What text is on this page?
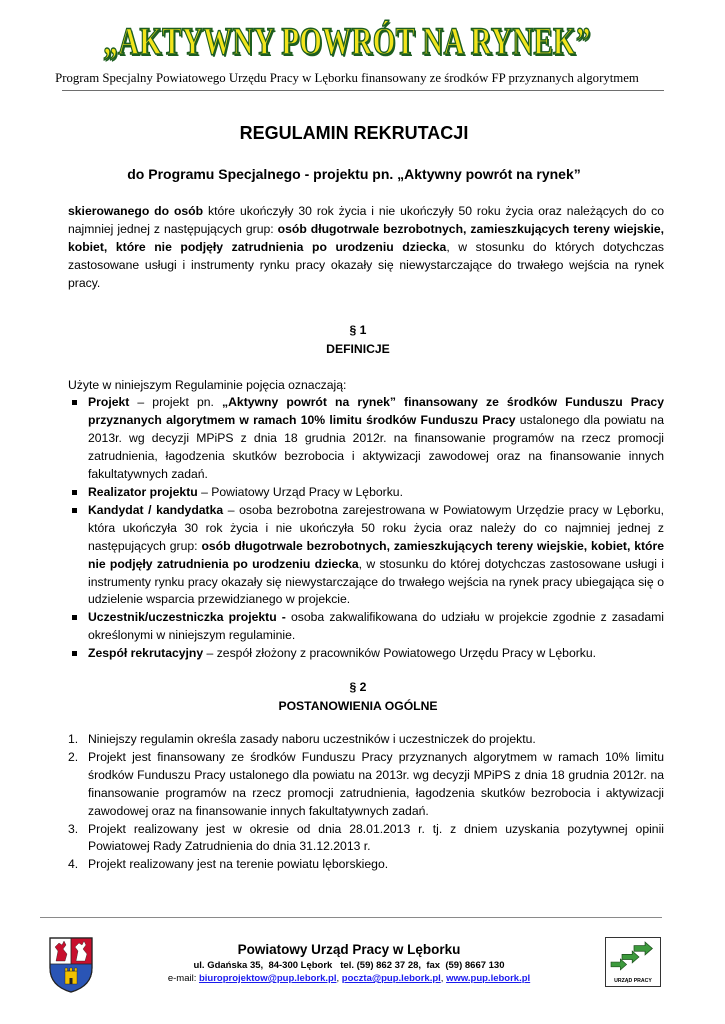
„AKTYWNY POWRÓT NA RYNEK”
Program Specjalny Powiatowego Urzędu Pracy w Lęborku finansowany ze środków FP przyznanych algorytmem
REGULAMIN REKRUTACJI
do Programu Specjalnego - projektu pn. „Aktywny powrót na rynek”

skierowanego do osób które ukończyły 30 rok życia i nie ukończyły 50 roku życia oraz należących do co najmniej jednej z następujących grup: osób długotrwale bezrobotnych, zamieszkujących tereny wiejskie, kobiet, które nie podjęły zatrudnienia po urodzeniu dziecka, w stosunku do których dotychczas zastosowane usługi i instrumenty rynku pracy okazały się niewystarczające do trwałego wejścia na rynek pracy.

§ 1
DEFINICJE

Użyte w niniejszym Regulaminie pojęcia oznaczają:

Projekt – projekt pn. „Aktywny powrót na rynek” finansowany ze środków Funduszu Pracy przyznanych algorytmem w ramach 10% limitu środków Funduszu Pracy ustalonego dla powiatu na 2013r. wg decyzji MPiPS z dnia 18 grudnia 2012r. na finansowanie programów na rzecz promocji zatrudnienia, łagodzenia skutków bezrobocia i aktywizacji zawodowej oraz na finansowanie innych fakultatywnych zadań.
Realizator projektu – Powiatowy Urząd Pracy w Lęborku.
Kandydat / kandydatka – osoba bezrobotna zarejestrowana w Powiatowym Urzędzie pracy w Lęborku, która ukończyła 30 rok życia i nie ukończyła 50 roku życia oraz należy do co najmniej jednej z następujących grup: osób długotrwale bezrobotnych, zamieszkujących tereny wiejskie, kobiet, które nie podjęły zatrudnienia po urodzeniu dziecka, w stosunku do której dotychczas zastosowane usługi i instrumenty rynku pracy okazały się niewystarczające do trwałego wejścia na rynek pracy ubiegająca się o udzielenie wsparcia przewidzianego w projekcie.
Uczestnik/uczestniczka projektu - osoba zakwalifikowana do udziału w projekcie zgodnie z zasadami określonymi w niniejszym regulaminie.
Zespół rekrutacyjny – zespół złożony z pracowników Powiatowego Urzędu Pracy w Lęborku.
§ 2
POSTANOWIENIA OGÓLNE
1. Niniejszy regulamin określa zasady naboru uczestników i uczestniczek do projektu.
2. Projekt jest finansowany ze środków Funduszu Pracy przyznanych algorytmem w ramach 10% limitu środków Funduszu Pracy ustalonego dla powiatu na 2013r. wg decyzji MPiPS z dnia 18 grudnia 2012r. na finansowanie programów na rzecz promocji zatrudnienia, łagodzenia skutków bezrobocia i aktywizacji zawodowej oraz na finansowanie innych fakultatywnych zadań.
3. Projekt realizowany jest w okresie od dnia 28.01.2013 r. tj. z dniem uzyskania pozytywnej opinii Powiatowej Rady Zatrudnienia do dnia 31.12.2013 r.
4. Projekt realizowany jest na terenie powiatu lęborskiego.
Powiatowy Urząd Pracy w Lęborku
ul. Gdańska 35,  84-300 Lębork   tel. (59) 862 37 28,  fax  (59) 8667 130
e-mail: biuroprojektow@pup.lebork.pl, poczta@pup.lebork.pl, www.pup.lebork.pl	URZĄD PRACY
